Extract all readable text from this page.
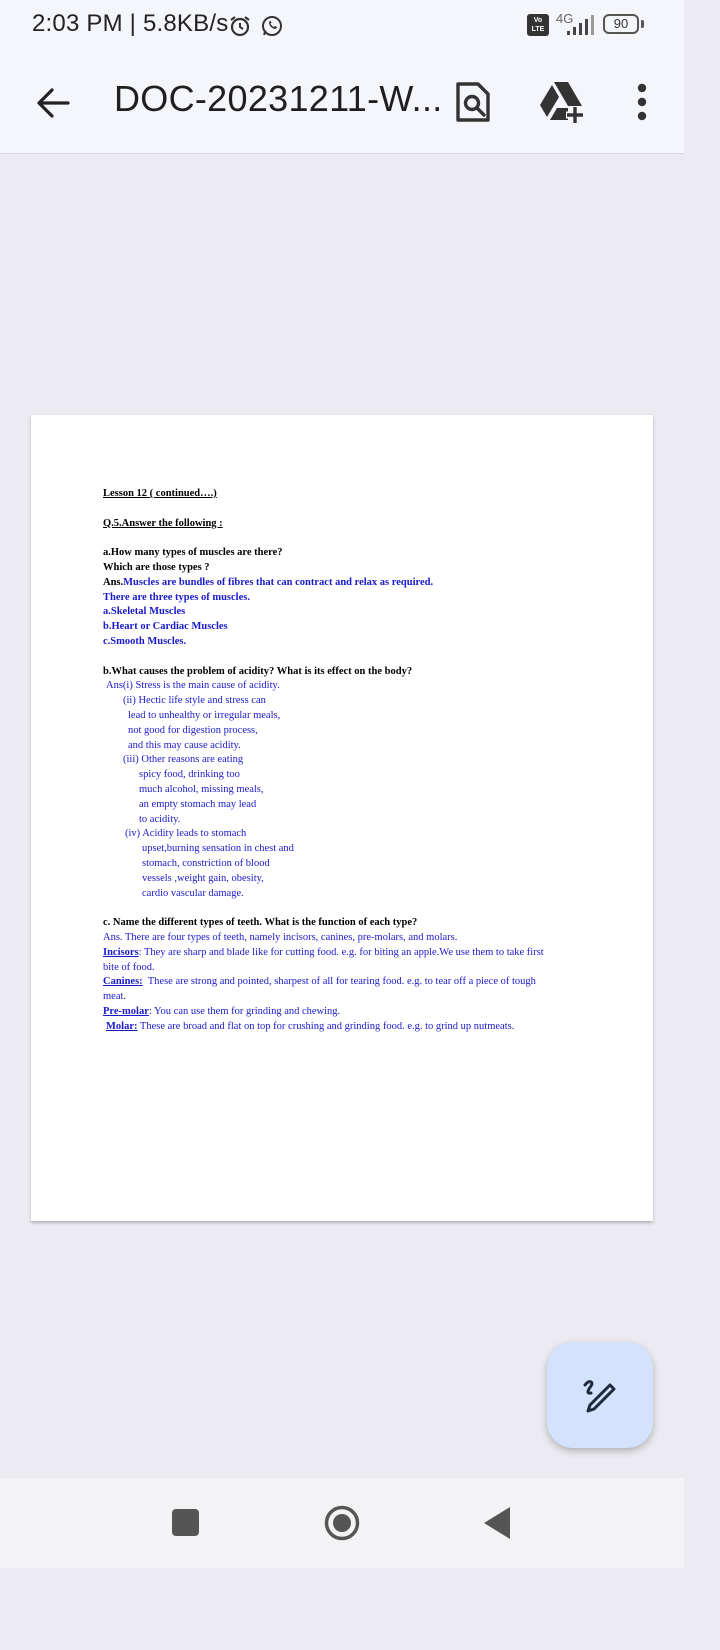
2:03 PM | 5.8KB/s	Vo LTE
4G	90
DOC-20231211-W...

Lesson 12 ( continued….)

Q.5.Answer the following :

a.How many types of muscles are there?

Which are those types ?

Ans.Muscles are bundles of fibres that can contract and relax as required.

There are three types of muscles.

a.Skeletal Muscles

b.Heart or Cardiac Muscles

c.Smooth Muscles.

b.What causes the problem of acidity? What is its effect on the body?

Ans(i) Stress is the main cause of acidity.

(ii) Hectic life style and stress can

lead to unhealthy or irregular meals,

not good for digestion process,

and this may cause acidity.

(iii) Other reasons are eating

spicy food, drinking too

much alcohol, missing meals,

an empty stomach may lead

to acidity.

(iv) Acidity leads to stomach

upset,burning sensation in chest and

stomach, constriction of blood

vessels ,weight gain, obesity,

cardio vascular damage.

c. Name the different types of teeth. What is the function of each type?

Ans. There are four types of teeth, namely incisors, canines, pre-molars, and molars.

Incisors: They are sharp and blade like for cutting food. e.g. for biting an apple.We use them to take first

bite of food.

Canines:  These are strong and pointed, sharpest of all for tearing food. e.g. to tear off a piece of tough

meat.

Pre-molar: You can use them for grinding and chewing.

Molar: These are broad and flat on top for crushing and grinding food. e.g. to grind up nutmeats.
